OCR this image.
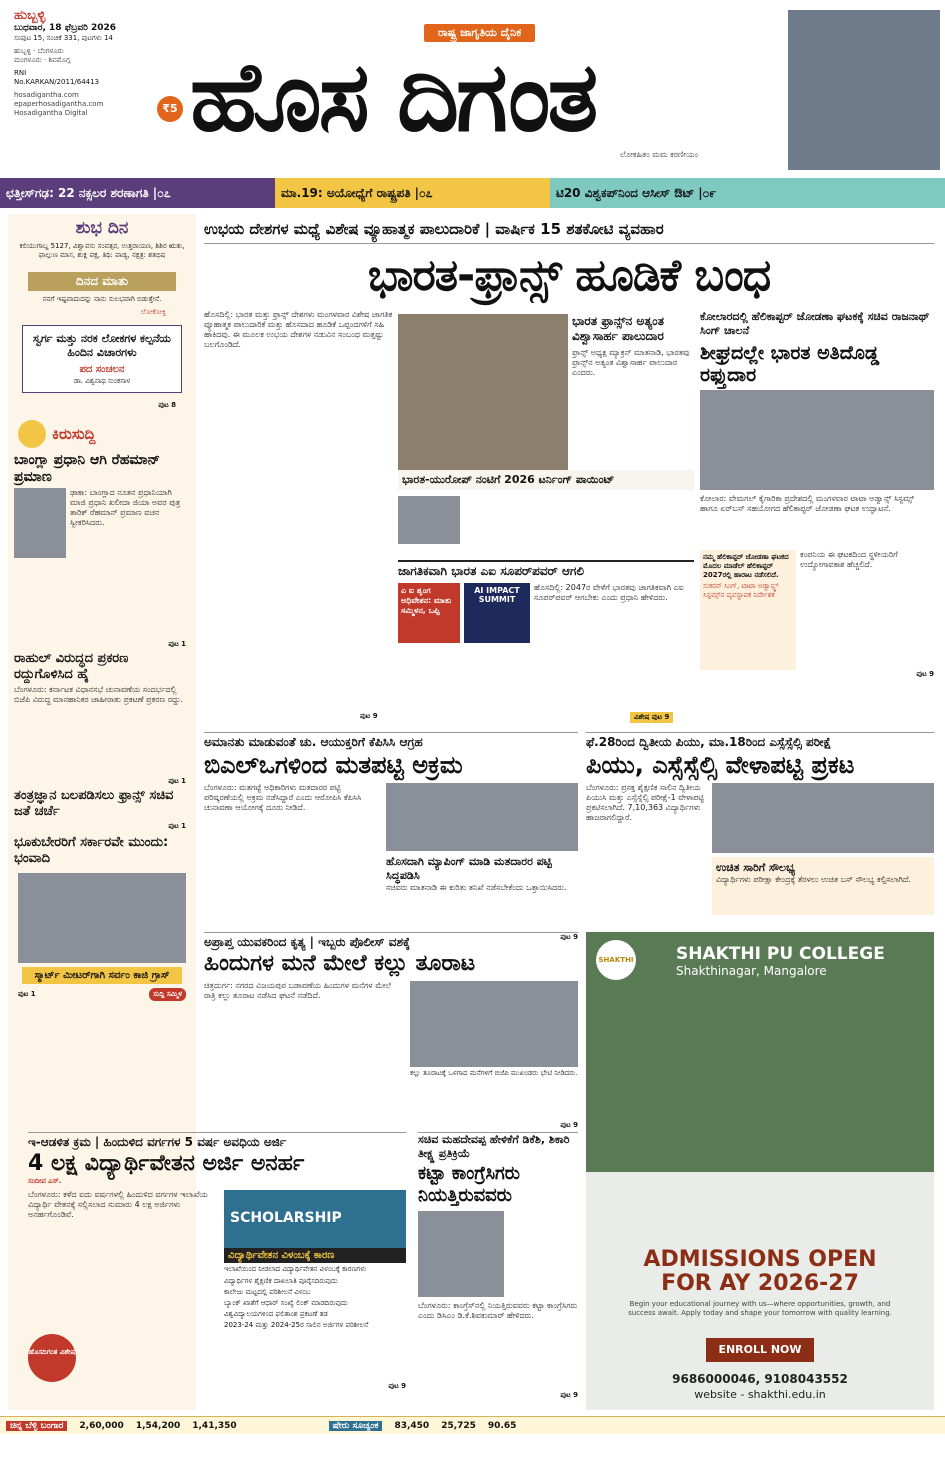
ಹುಬ್ಬಳ್ಳಿ
ಬುಧವಾರ, 18 ಫೆಬ್ರವರಿ 2026
ಸಂಪುಟ 15, ಸಂಚಿಕೆ 331, ಪುಟಗಳು 14
ಹುಬ್ಬಳ್ಳಿ · ಬೆಂಗಳೂರು
ಮಂಗಳೂರು · ಶಿವಮೊಗ್ಗ
RNI No.KARKAN/2011/64413
hosadigantha.com
epaperhosadigantha.com
Hosadigantha Digital	₹5
ರಾಷ್ಟ್ರ ಜಾಗೃತಿಯ ದೈನಿಕ
ಹೊಸ ದಿಗಂತ
ಲೋಕಹಿತಂ ಮಮ ಕರಣೀಯಂ
ಛತ್ತೀಸ್‌ಗಢ: 22 ನಕ್ಸಲರ ಶರಣಾಗತಿ |೦೭	ಮಾ.19: ಅಯೋಧ್ಯೆಗೆ ರಾಷ್ಟ್ರಪತಿ |೦೭	ಟಿ20 ವಿಶ್ವಕಪ್‌ನಿಂದ ಆಸೀಸ್ ಔಟ್ |೦೯
ಶುಭ ದಿನ
ಕಲಿಯುಗಾಬ್ದ 5127, ವಿಶ್ವಾವಸು ಸಂವತ್ಸರ, ಉತ್ತರಾಯಣ, ಶಿಶಿರ ಋತು, ಫಾಲ್ಗುಣ ಮಾಸ, ಶುಕ್ಲ ಪಕ್ಷ, ತಿಥಿ: ಪಾಡ್ಯ, ನಕ್ಷತ್ರ: ಶತಭಿಷ
ದಿನದ ಮಾತು
ನನಗೆ ಇಷ್ಟವಾದುದನ್ನು ನಾನು ಸುಲಭವಾಗಿ ಬಿಡುತ್ತೇನೆ.
ಲೋಕೋಕ್ತಿ
ಸ್ವರ್ಗ ಮತ್ತು ನರಕ ಲೋಕಗಳ ಕಲ್ಪನೆಯ ಹಿಂದಿನ ವಿಚಾರಗಳು
ಪದ ಸಂಚಲನ
ಡಾ. ವಿಶ್ವನಾಥ ಸುಂಕಸಾಳ
ಪುಟ 8
ಕಿರುಸುದ್ದಿ
ಬಾಂಗ್ಲಾ ಪ್ರಧಾನಿ ಆಗಿ ರೆಹಮಾನ್ ಪ್ರಮಾಣ
ಢಾಕಾ: ಬಾಂಗ್ಲಾದ ನೂತನ ಪ್ರಧಾನಿಯಾಗಿ ಮಾಜಿ ಪ್ರಧಾನಿ ಖಲೀದಾ ಜಿಯಾ ಅವರ ಪುತ್ರ ತಾರಿಕ್ ರೆಹಮಾನ್ ಪ್ರಮಾಣ ವಚನ ಸ್ವೀಕರಿಸಿದರು.
ಪುಟ 1
ರಾಹುಲ್ ವಿರುದ್ಧದ ಪ್ರಕರಣ ರದ್ದುಗೊಳಿಸಿದ ಹೈ
ಬೆಂಗಳೂರು: ಕರ್ನಾಟಕ ವಿಧಾನಸಭೆ ಚುನಾವಣೆಯ ಸಂದರ್ಭದಲ್ಲಿ ಬಿಜೆಪಿ ವಿರುದ್ಧ ಮಾನಹಾನಿಕರ ಜಾಹೀರಾತು ಪ್ರಕಟಣೆ ಪ್ರಕರಣ ರದ್ದು.
ಪುಟ 1
ತಂತ್ರಜ್ಞಾನ ಬಲಪಡಿಸಲು ಫ್ರಾನ್ಸ್ ಸಚಿವ ಜತೆ ಚರ್ಚೆ
ಪುಟ 1
ಭೂಕುಬೇರರಿಗೆ ಸರ್ಕಾರವೇ ಮುಂದು: ಭಂವಾದಿ
ಸ್ಮಾರ್ಟ್ ಮೀಟರ್‌ಗಾಗಿ ಸರ್ವಂ ಕಾಜಿ ಗ್ರಾಸ್
ಪುಟ 1	ಸುದ್ದಿ ಸಮ್ಮಿಳ
ಉಭಯ ದೇಶಗಳ ಮಧ್ಯೆ ವಿಶೇಷ ವ್ಯೂಹಾತ್ಮಕ ಪಾಲುದಾರಿಕೆ | ವಾರ್ಷಿಕ 15 ಶತಕೋಟಿ ವ್ಯವಹಾರ
ಭಾರತ-ಫ್ರಾನ್ಸ್ ಹೂಡಿಕೆ ಬಂಧ
ಹೊಸದಿಲ್ಲಿ: ಭಾರತ ಮತ್ತು ಫ್ರಾನ್ಸ್ ದೇಶಗಳು ಮಂಗಳವಾರ ವಿಶೇಷ ಜಾಗತಿಕ ವ್ಯೂಹಾತ್ಮಕ ಪಾಲುದಾರಿಕೆ ಮತ್ತು ಹೊಸದಾದ ಹೂಡಿಕೆ ಒಪ್ಪಂದಗಳಿಗೆ ಸಹಿ ಹಾಕಿದವು. ಈ ಮೂಲಕ ಉಭಯ ದೇಶಗಳ ನಡುವಿನ ಸಂಬಂಧ ಮತ್ತಷ್ಟು ಬಲಗೊಂಡಿದೆ.
ಭಾರತ ಫ್ರಾನ್ಸ್‌ನ ಅತ್ಯಂತ ವಿಶ್ವಾಸಾರ್ಹ ಪಾಲುದಾರ
ಫ್ರಾನ್ಸ್ ಅಧ್ಯಕ್ಷ ಮ್ಯಾಕ್ರನ್ ಮಾತನಾಡಿ, ಭಾರತವು ಫ್ರಾನ್ಸ್‌ನ ಅತ್ಯಂತ ವಿಶ್ವಾಸಾರ್ಹ ಪಾಲುದಾರ ಎಂದರು.
ಭಾರತ-ಯುರೋಪ್ ನಂಟಿಗೆ 2026 ಟರ್ನಿಂಗ್ ಪಾಯಿಂಟ್
ಜಾಗತಿಕವಾಗಿ ಭಾರತ ಎಐ ಸೂಪರ್‌ಪವರ್ ಆಗಲಿ
ಎ ಐ ಶೃಂಗ ಅಧಿವೇಶನ: ಮಾತು ಸಮ್ಮಿಳನ, ಒಪ್ಪಿ
AI IMPACT SUMMIT
ಹೊಸದಿಲ್ಲಿ: 2047ರ ವೇಳೆಗೆ ಭಾರತವು ಜಾಗತಿಕವಾಗಿ ಎಐ ಸೂಪರ್‌ಪವರ್ ಆಗಬೇಕು ಎಂದು ಪ್ರಧಾನಿ ಹೇಳಿದರು.
ಪುಟ 9	ವಿಶೇಷ ಪುಟ 9
ಕೋಲಾರದಲ್ಲಿ ಹೆಲಿಕಾಪ್ಟರ್ ಜೋಡಣಾ ಘಟಕಕ್ಕೆ ಸಚಿವ ರಾಜನಾಥ್ ಸಿಂಗ್ ಚಾಲನೆ
ಶೀಘ್ರದಲ್ಲೇ ಭಾರತ ಅತಿದೊಡ್ಡ ರಫ್ತುದಾರ
ಕೋಲಾರ: ವೇಮಗಲ್ ಕೈಗಾರಿಕಾ ಪ್ರದೇಶದಲ್ಲಿ ಮಂಗಳವಾರ ಟಾಟಾ ಅಡ್ವಾನ್ಸ್ ಸಿಸ್ಟಮ್ಸ್ ಹಾಗೂ ಏರ್‌ಬಸ್ ಸಹಯೋಗದ ಹೆಲಿಕಾಪ್ಟರ್ ಜೋಡಣಾ ಘಟಕ ಉದ್ಘಾಟನೆ.
ನಮ್ಮ ಹೆಲಿಕಾಪ್ಟರ್ ಜೋಡಣಾ ಘಟಕದ ಮೊದಲ ಮಾಡೆಲ್ ಹೆಲಿಕಾಪ್ಟರ್ 2027ರಲ್ಲಿ ಹಾರಾಟ ನಡೆಸಲಿದೆ.
ಸುಕರನ್ ಸಿಂಗ್, ಟಾಟಾ ಅಡ್ವಾನ್ಸ್ಡ್ ಸಿಸ್ಟಮ್ಸ್‌ನ ವ್ಯವಸ್ಥಾಪಕ ನಿರ್ದೇಶಕ
ಕಂಪನಿಯ ಈ ಘಟಕದಿಂದ ಸ್ಥಳೀಯರಿಗೆ ಉದ್ಯೋಗಾವಕಾಶ ಹೆಚ್ಚಲಿದೆ.
ಪುಟ 9
ಅಮಾನತು ಮಾಡುವಂತೆ ಚು. ಆಯುಕ್ತರಿಗೆ ಕೆಪಿಸಿಸಿ ಆಗ್ರಹ
ಬಿಎಲ್‌ಒಗಳಿಂದ ಮತಪಟ್ಟಿ ಅಕ್ರಮ
ಬೆಂಗಳೂರು: ಮತಗಟ್ಟೆ ಅಧಿಕಾರಿಗಳು ಮತದಾರರ ಪಟ್ಟಿ ಪರಿಷ್ಕರಣೆಯಲ್ಲಿ ಅಕ್ರಮ ನಡೆಸಿದ್ದಾರೆ ಎಂದು ಆರೋಪಿಸಿ ಕೆಪಿಸಿಸಿ ಚುನಾವಣಾ ಆಯೋಗಕ್ಕೆ ದೂರು ನೀಡಿದೆ.
ಹೊಸದಾಗಿ ಮ್ಯಾಪಿಂಗ್ ಮಾಡಿ ಮತದಾರರ ಪಟ್ಟಿ ಸಿದ್ಧಪಡಿಸಿ
ಸಚಿವರು ಮಾತನಾಡಿ ಈ ಕುರಿತು ತನಿಖೆ ನಡೆಸಬೇಕೆಂದು ಒತ್ತಾಯಿಸಿದರು.
ಪುಟ 9
ಫೆ.28ರಿಂದ ದ್ವಿತೀಯ ಪಿಯು, ಮಾ.18ರಿಂದ ಎಸ್ಸೆಸ್ಸೆಲ್ಸಿ ಪರೀಕ್ಷೆ
ಪಿಯು, ಎಸ್ಸೆಸ್ಸೆಲ್ಸಿ ವೇಳಾಪಟ್ಟಿ ಪ್ರಕಟ
ಬೆಂಗಳೂರು: ಪ್ರಸಕ್ತ ಶೈಕ್ಷಣಿಕ ಸಾಲಿನ ದ್ವಿತೀಯ ಪಿಯುಸಿ ಮತ್ತು ಎಸ್ಸೆಸ್ಸೆಲ್ಸಿ ಪರೀಕ್ಷೆ-1 ವೇಳಾಪಟ್ಟಿ ಪ್ರಕಟಿಸಲಾಗಿದೆ. 7,10,363 ವಿದ್ಯಾರ್ಥಿಗಳು ಹಾಜರಾಗಲಿದ್ದಾರೆ.
ಉಚಿತ ಸಾರಿಗೆ ಸೌಲಭ್ಯ
ವಿದ್ಯಾರ್ಥಿಗಳು ಪರೀಕ್ಷಾ ಕೇಂದ್ರಕ್ಕೆ ತೆರಳಲು ಉಚಿತ ಬಸ್ ಸೌಲಭ್ಯ ಕಲ್ಪಿಸಲಾಗಿದೆ.
ಅಪ್ರಾಪ್ತ ಯುವಕರಿಂದ ಕೃತ್ಯ | ಇಬ್ಬರು ಪೊಲೀಸ್ ವಶಕ್ಕೆ
ಹಿಂದುಗಳ ಮನೆ ಮೇಲೆ ಕಲ್ಲು ತೂರಾಟ
ಚಿತ್ರದುರ್ಗ: ನಗರದ ವಿಜಯಪುರ ಬಡಾವಣೆಯ ಹಿಂದುಗಳ ಮನೆಗಳ ಮೇಲೆ ರಾತ್ರಿ ಕಲ್ಲು ತೂರಾಟ ನಡೆಸಿದ ಘಟನೆ ನಡೆದಿದೆ.
ಕಲ್ಲು ತೂರಾಟಕ್ಕೆ ಒಳಗಾದ ಮನೆಗಳಿಗೆ ಬಿಜೆಪಿ ಮುಖಂಡರು ಭೇಟಿ ನೀಡಿದರು.
ಪುಟ 9
SHAKTHI	SHAKTHI PU COLLEGE
Shakthinagar, Mangalore
ADMISSIONS OPEN
FOR AY 2026-27
Begin your educational journey with us—where opportunities, growth, and success await. Apply today and shape your tomorrow with quality learning.
ENROLL NOW
9686000046, 9108043552
website - shakthi.edu.in
ಇ-ಆಡಳಿತ ಕ್ರಮ | ಹಿಂದುಳಿದ ವರ್ಗಗಳ 5 ವರ್ಷ ಅವಧಿಯ ಅರ್ಜಿ
4 ಲಕ್ಷ ವಿದ್ಯಾರ್ಥಿವೇತನ ಅರ್ಜಿ ಅನರ್ಹ
ಸಂದೀಪ ಎಸ್.
ಬೆಂಗಳೂರು: ಕಳೆದ ಐದು ವರ್ಷಗಳಲ್ಲಿ ಹಿಂದುಳಿದ ವರ್ಗಗಳ ಇಲಾಖೆಯ ವಿದ್ಯಾರ್ಥಿ ವೇತನಕ್ಕೆ ಸಲ್ಲಿಸಲಾದ ಸುಮಾರು 4 ಲಕ್ಷ ಅರ್ಜಿಗಳು ಅನರ್ಹಗೊಂಡಿವೆ.
ಹೊಸದಿಗಂತ ವಿಶೇಷ
SCHOLARSHIP
ವಿದ್ಯಾರ್ಥಿವೇತನ ವಿಳಂಬಕ್ಕೆ ಕಾರಣ
ಇಲಾಖೆಯಿಂದ ನೀಡಲಾದ ವಿದ್ಯಾರ್ಥಿವೇತನ ವಿಳಂಬಕ್ಕೆ ಕಾರಣಗಳು
ವಿದ್ಯಾರ್ಥಿಗಳ ಶೈಕ್ಷಣಿಕ ದಾಖಲಾತಿ ಪೂರೈಸದಿರುವುದು
ಕಾಲೇಜು ಮಟ್ಟದಲ್ಲಿ ಪರಿಶೀಲನೆ ವಿಳಂಬ
ಬ್ಯಾಂಕ್ ಖಾತೆಗೆ ಆಧಾರ್ ಸಂಖ್ಯೆ ಲಿಂಕ್ ಮಾಡದಿರುವುದು
ವಿಶ್ವವಿದ್ಯಾಲಯಗಳಿಂದ ಫಲಿತಾಂಶ ಪ್ರಕಟಣೆ ತಡ
2023-24 ಮತ್ತು 2024-25ರ ಸಾಲಿನ ಅರ್ಜಿಗಳ ಪರಿಶೀಲನೆ
ಪುಟ 9
ಸಚಿವ ಮಹದೇವಪ್ಪ ಹೇಳಿಕೆಗೆ ಡಿಕೆಶಿ, ಶಿಕಾರಿ ತೀಕ್ಷ್ಣ ಪ್ರತಿಕ್ರಿಯೆ
ಕಟ್ಟಾ ಕಾಂಗ್ರೆಸಿಗರು ನಿಯತ್ತಿರುವವರು
ಬೆಂಗಳೂರು: ಕಾಂಗ್ರೆಸ್‌ನಲ್ಲಿ ನಿಯತ್ತಿರುವವರು ಕಟ್ಟಾ ಕಾಂಗ್ರೆಸಿಗರು ಎಂದು ಡಿಸಿಎಂ ಡಿ.ಕೆ.ಶಿವಕುಮಾರ್ ಹೇಳಿದರು.
ಪುಟ 9
ಚಿನ್ನ ಬೆಳ್ಳಿ ಬಂಗಾರ	2,60,000 1,54,200 1,41,350	ಷೇರು ಸೂಚ್ಯಂಕ	83,450 25,725 90.65
